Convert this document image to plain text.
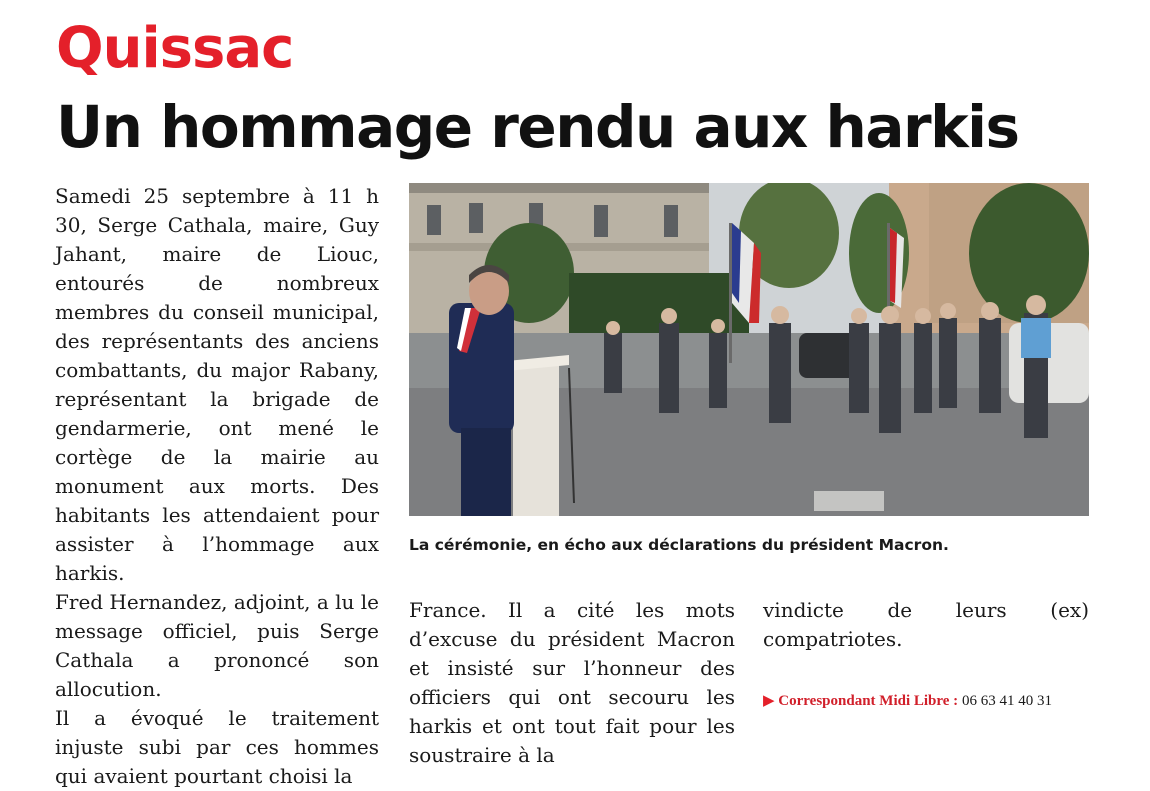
Quissac
Un hommage rendu aux harkis

Samedi 25 septembre à 11 h 30, Serge Cathala, maire, Guy Jahant, maire de Liouc, entourés de nombreux membres du conseil municipal, des représentants des anciens combattants, du major Rabany, représentant la brigade de gendarmerie, ont mené le cortège de la mairie au monument aux morts. Des habitants les attendaient pour assister à l’hommage aux harkis.

Fred Hernandez, adjoint, a lu le message officiel, puis Serge Cathala a prononcé son allocution.

Il a évoqué le traitement injuste subi par ces hommes qui avaient pourtant choisi la

La cérémonie, en écho aux déclarations du président Macron.

France. Il a cité les mots d’excuse du président Macron et insisté sur l’honneur des officiers qui ont secouru les harkis et ont tout fait pour les soustraire à la

vindicte de leurs (ex) compatriotes.

▶ Correspondant Midi Libre : 06 63 41 40 31
